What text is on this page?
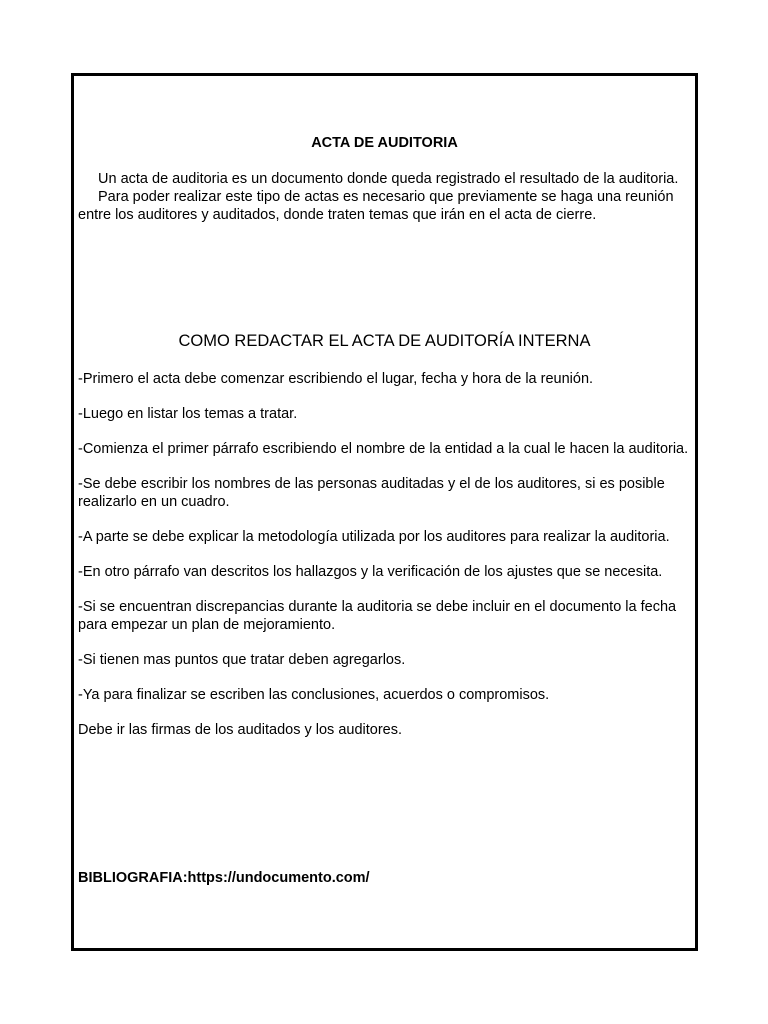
ACTA DE AUDITORIA

Un acta de auditoria es un documento donde queda registrado el resultado de la auditoria.

Para poder realizar este tipo de actas es necesario que previamente se haga una reunión entre los auditores y auditados, donde traten temas que irán en el acta de cierre.

COMO REDACTAR EL ACTA DE AUDITORÍA INTERNA
-Primero el acta debe comenzar escribiendo el lugar, fecha y hora de la reunión.
-Luego en listar los temas a tratar.
-Comienza el primer párrafo escribiendo el nombre de la entidad a la cual le hacen la auditoria.
-Se debe escribir los nombres de las personas auditadas y el de los auditores, si es posible realizarlo en un cuadro.
-A parte se debe explicar la metodología utilizada por los auditores para realizar la auditoria.
-En otro párrafo van descritos los hallazgos y la verificación de los ajustes que se necesita.
-Si se encuentran discrepancias durante la auditoria se debe incluir en el documento la fecha para empezar un plan de mejoramiento.
-Si tienen mas puntos que tratar deben agregarlos.
-Ya para finalizar se escriben las conclusiones, acuerdos o compromisos.
Debe ir las firmas de los auditados y los auditores.
BIBLIOGRAFIA:https://undocumento.com/
